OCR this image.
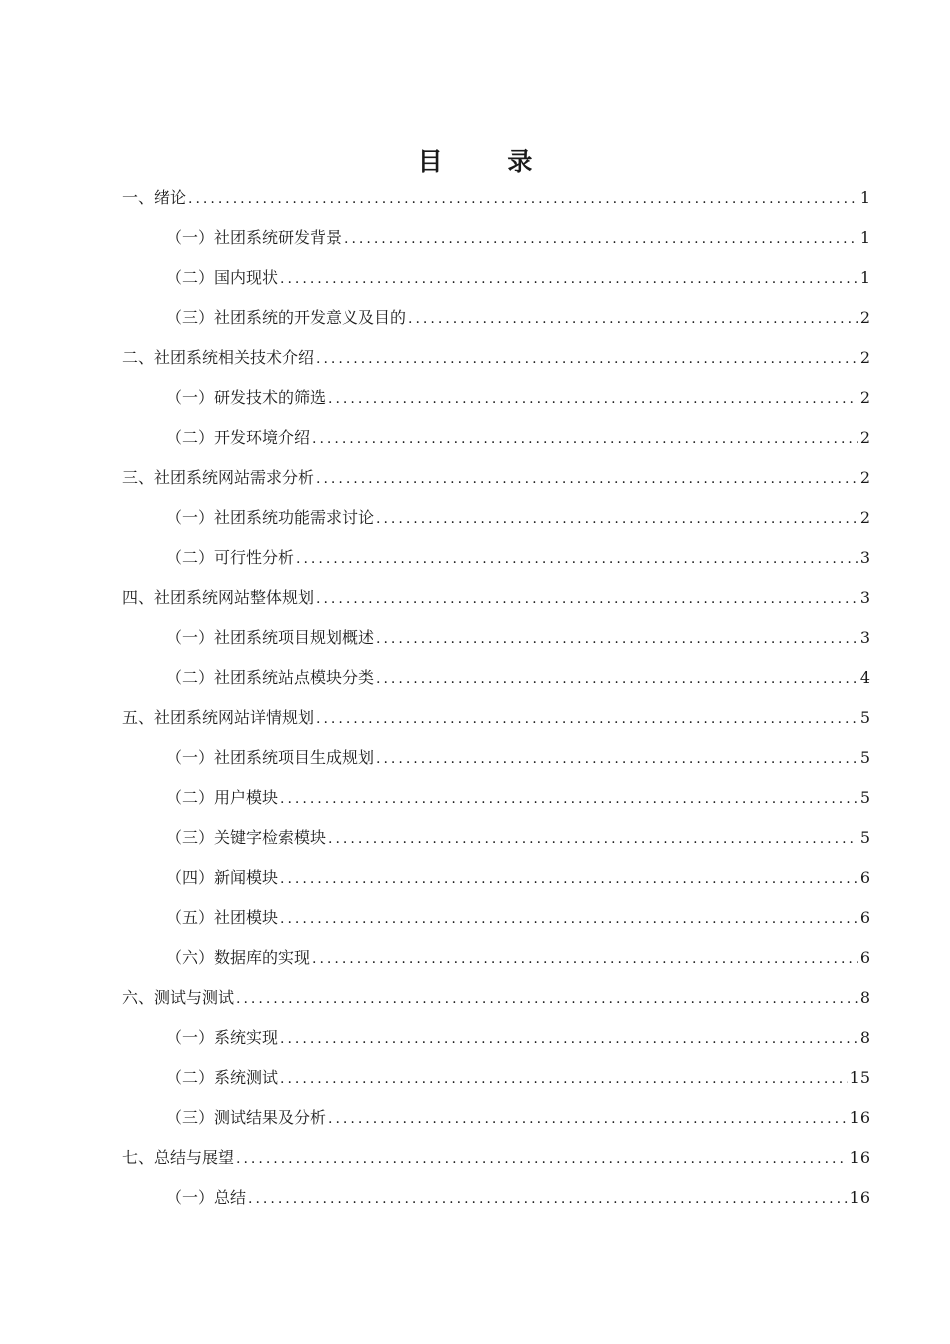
目 录
一、绪论 .....	1
（一）社团系统研发背景 .....	1
（二）国内现状 .....	1
（三）社团系统的开发意义及目的 .....	2
二、社团系统相关技术介绍 .....	2
（一）研发技术的筛选 .....	2
（二）开发环境介绍 .....	2
三、社团系统网站需求分析 .....	2
（一）社团系统功能需求讨论 .....	2
（二）可行性分析 .....	3
四、社团系统网站整体规划 .....	3
（一）社团系统项目规划概述 .....	3
（二）社团系统站点模块分类 .....	4
五、社团系统网站详情规划 .....	5
（一）社团系统项目生成规划 .....	5
（二）用户模块 .....	5
（三）关键字检索模块 .....	5
（四）新闻模块 .....	6
（五）社团模块 .....	6
（六）数据库的实现 .....	6
六、测试与测试 .....	8
（一）系统实现 .....	8
（二）系统测试 .....	15
（三）测试结果及分析 .....	16
七、总结与展望 .....	16
（一）总结 .....	16
